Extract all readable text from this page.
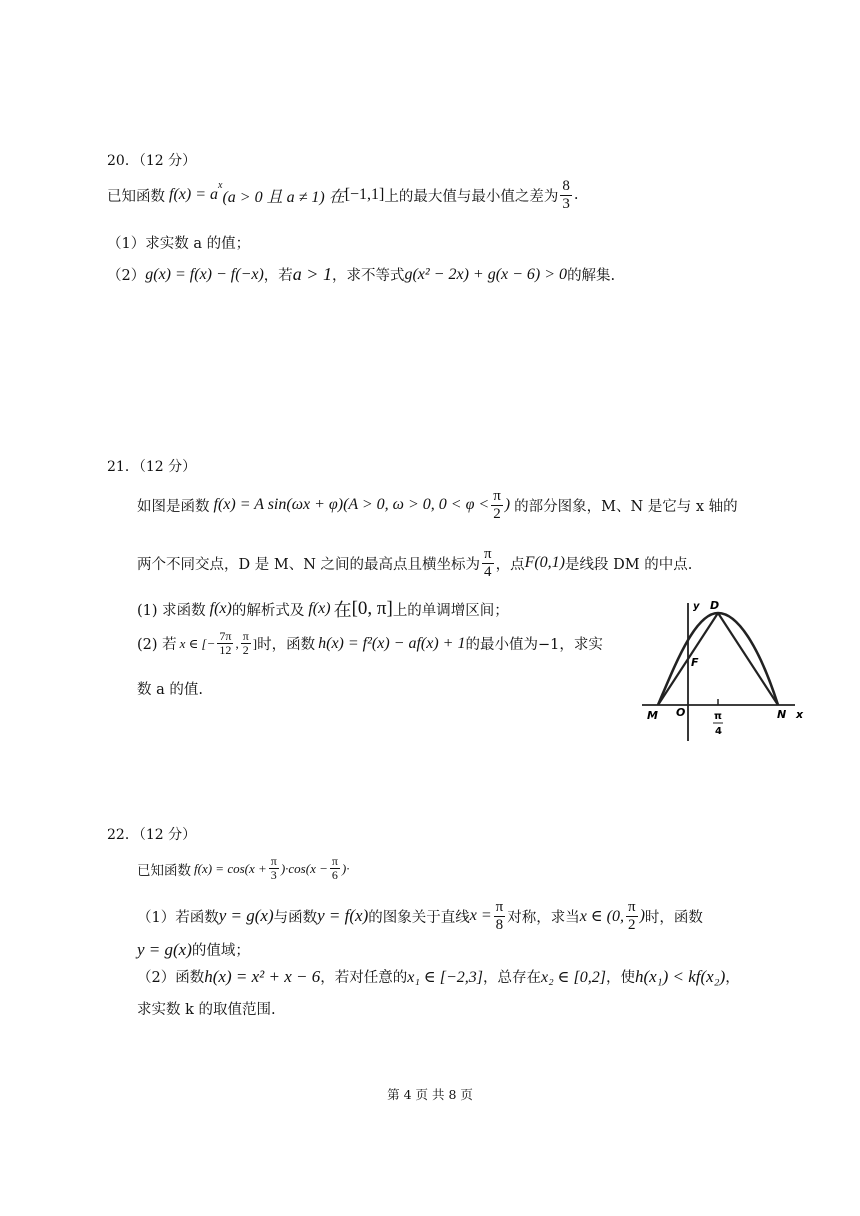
20．（12 分）
已知函数 f(x) = a
$^x$
(a > 0 且 a ≠ 1) 在 [−1,1] 上的最大值与最小值之差为 $\frac{8}{3}$ .
（1）求实数 a 的值；
（2） g(x) = f(x) − f(−x) ，若 a > 1 ，求不等式 g(x² − 2x) + g(x − 6) > 0 的解集.
21．（12 分）
如图是函数 f(x) = A sin(ωx + φ)(A > 0, ω > 0, $0 < \varphi < \frac{\pi}{2}$ ) 的部分图象，M、N 是它与 x 轴的
两个不同交点，D 是 M、N 之间的最高点且横坐标为 $\frac{\pi}{4}$ ，点 F(0,1) 是线段 DM 的中点.
(1) 求函数 f(x) 的解析式及 f(x) 在 [0, π] 上的单调增区间；
(2) 若 x ∈ [− $\frac{7\pi}{12}$ , $\frac{\pi}{2}$ ] 时，函数 h(x) = f²(x) − af(x) + 1 的最小值为−1，求实
数 a 的值.
y D
F
M O	N x
π
4
22．（12 分）
已知函数 $f(x) = \cos(x + \frac{\pi}{3} )\cdot\cos(x - \frac{\pi}{6}$ )·
（1）若函数 y = g(x) 与函数 y = f(x) 的图象关于直线 $x = \frac{\pi}{8}$ 对称，求当 x ∈ (0, $\frac{\pi}{2}$ ) 时，函数
y = g(x) 的值域；
（2）函数 h(x) = x² + x − 6 ，若对任意的 x₁ ∈ [−2,3] ，总存在 x₂ ∈ [0,2] ，使 h(x₁) < kf(x₂) ，
求实数 k 的取值范围.
第 4 页 共 8 页
